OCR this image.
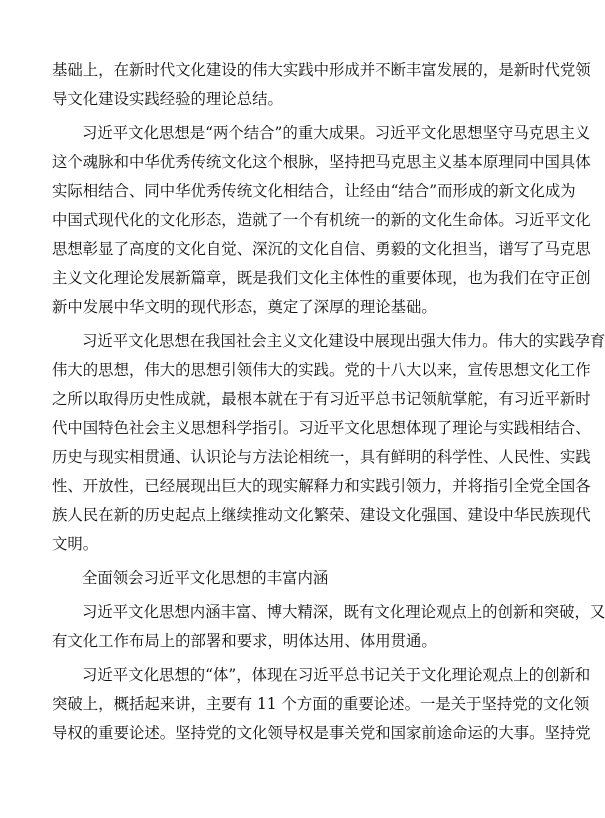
基础上，在新时代文化建设的伟大实践中形成并不断丰富发展的，是新时代党领
导文化建设实践经验的理论总结。
习近平文化思想是“两个结合”的重大成果。习近平文化思想坚守马克思主义
这个魂脉和中华优秀传统文化这个根脉，坚持把马克思主义基本原理同中国具体
实际相结合、同中华优秀传统文化相结合，让经由“结合”而形成的新文化成为
中国式现代化的文化形态，造就了一个有机统一的新的文化生命体。习近平文化
思想彰显了高度的文化自觉、深沉的文化自信、勇毅的文化担当，谱写了马克思
主义文化理论发展新篇章，既是我们文化主体性的重要体现，也为我们在守正创
新中发展中华文明的现代形态，奠定了深厚的理论基础。
习近平文化思想在我国社会主义文化建设中展现出强大伟力。伟大的实践孕育
伟大的思想，伟大的思想引领伟大的实践。党的十八大以来，宣传思想文化工作
之所以取得历史性成就，最根本就在于有习近平总书记领航掌舵，有习近平新时
代中国特色社会主义思想科学指引。习近平文化思想体现了理论与实践相结合、
历史与现实相贯通、认识论与方法论相统一，具有鲜明的科学性、人民性、实践
性、开放性，已经展现出巨大的现实解释力和实践引领力，并将指引全党全国各
族人民在新的历史起点上继续推动文化繁荣、建设文化强国、建设中华民族现代
文明。
全面领会习近平文化思想的丰富内涵
习近平文化思想内涵丰富、博大精深，既有文化理论观点上的创新和突破，又
有文化工作布局上的部署和要求，明体达用、体用贯通。
习近平文化思想的“体”，体现在习近平总书记关于文化理论观点上的创新和
突破上，概括起来讲，主要有 11 个方面的重要论述。一是关于坚持党的文化领
导权的重要论述。坚持党的文化领导权是事关党和国家前途命运的大事。坚持党
